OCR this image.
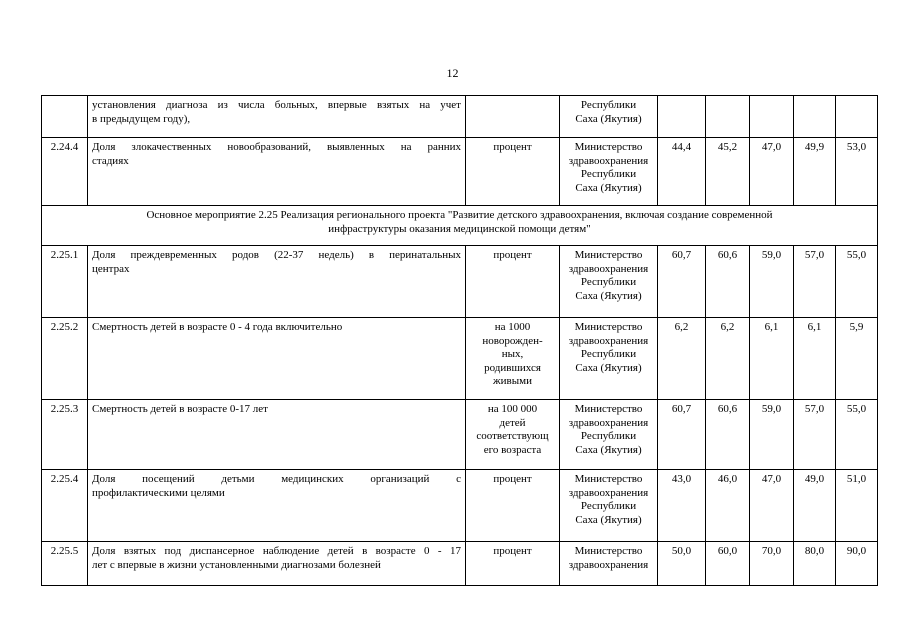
12

	установления диагноза из числа больных, впервые взятых на учет
в предыдущем году),		Республики
Саха (Якутия)					

2.24.4	Доля злокачественных новообразований, выявленных на ранних
стадиях	процент	Министерство
здравоохранения
Республики
Саха (Якутия)	44,4	45,2	47,0	49,9	53,0

Основное мероприятие 2.25 Реализация регионального проекта "Развитие детского здравоохранения, включая создание современной
инфраструктуры оказания медицинской помощи детям"								

2.25.1	Доля преждевременных родов (22-37 недель) в перинатальных
центрах	процент	Министерство
здравоохранения
Республики
Саха (Якутия)	60,7	60,6	59,0	57,0	55,0
2.25.2	Смертность детей в возрасте 0 - 4 года включительно	на 1000
новорожден-
ных,
родившихся
живыми	Министерство
здравоохранения
Республики
Саха (Якутия)	6,2	6,2	6,1	6,1	5,9
2.25.3	Смертность детей в возрасте 0-17 лет	на 100 000
детей
соответствующ
его возраста	Министерство
здравоохранения
Республики
Саха (Якутия)	60,7	60,6	59,0	57,0	55,0
2.25.4	Доля посещений детьми медицинских организаций с
профилактическими целями	процент	Министерство
здравоохранения
Республики
Саха (Якутия)	43,0	46,0	47,0	49,0	51,0
2.25.5	Доля взятых под диспансерное наблюдение детей в возрасте 0 - 17
лет с впервые в жизни установленными диагнозами болезней	процент	Министерство
здравоохранения	50,0	60,0	70,0	80,0	90,0
